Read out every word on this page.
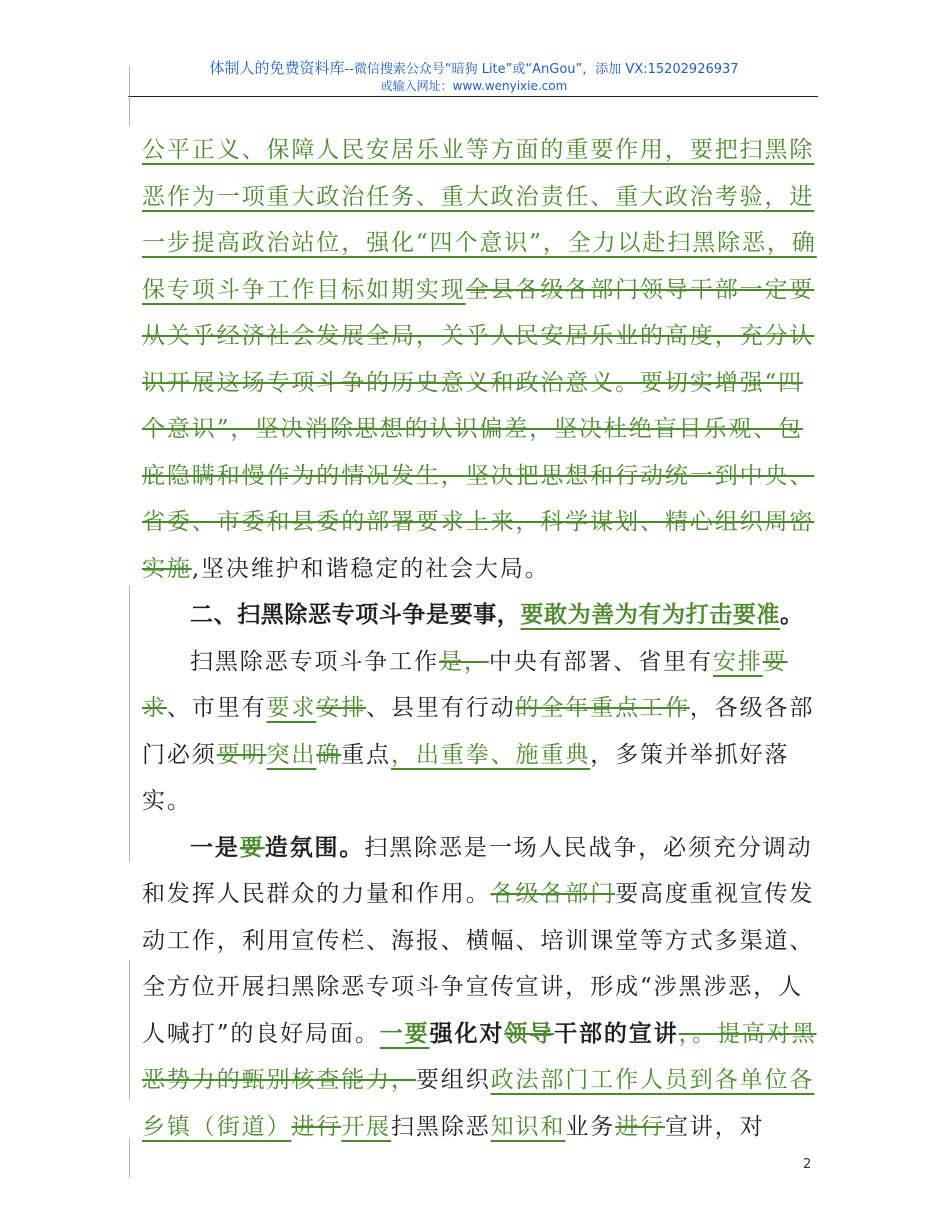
体制人的免费资料库--微信搜索公众号“暗狗 Lite”或“AnGou”，添加 VX:15202926937
或输入网址：www.wenyixie.com

公平正义、保障人民安居乐业等方面的重要作用，要把扫黑除恶作为一项重大政治任务、重大政治责任、重大政治考验，进一步提高政治站位，强化“四个意识”，全力以赴扫黑除恶，确保专项斗争工作目标如期实现全县各级各部门领导干部一定要从关乎经济社会发展全局，关乎人民安居乐业的高度，充分认识开展这场专项斗争的历史意义和政治意义。要切实增强“四个意识”，坚决消除思想的认识偏差，坚决杜绝盲目乐观、包庇隐瞒和慢作为的情况发生，坚决把思想和行动统一到中央、省委、市委和县委的部署要求上来，科学谋划、精心组织周密实施,坚决维护和谐稳定的社会大局。

二、扫黑除恶专项斗争是要事，要敢为善为有为打击要准。

扫黑除恶专项斗争工作是，中央有部署、省里有安排要求、市里有要求安排、县里有行动的全年重点工作，各级各部门必须要明突出确重点，出重拳、施重典，多策并举抓好落实。

一是要造氛围。扫黑除恶是一场人民战争，必须充分调动和发挥人民群众的力量和作用。各级各部门要高度重视宣传发动工作，利用宣传栏、海报、横幅、培训课堂等方式多渠道、全方位开展扫黑除恶专项斗争宣传宣讲，形成“涉黑涉恶，人人喊打”的良好局面。一要强化对领导干部的宣讲，。提高对黑恶势力的甄别核查能力，要组织政法部门工作人员到各单位各乡镇（街道）进行开展扫黑除恶知识和业务进行宣讲，对

2
